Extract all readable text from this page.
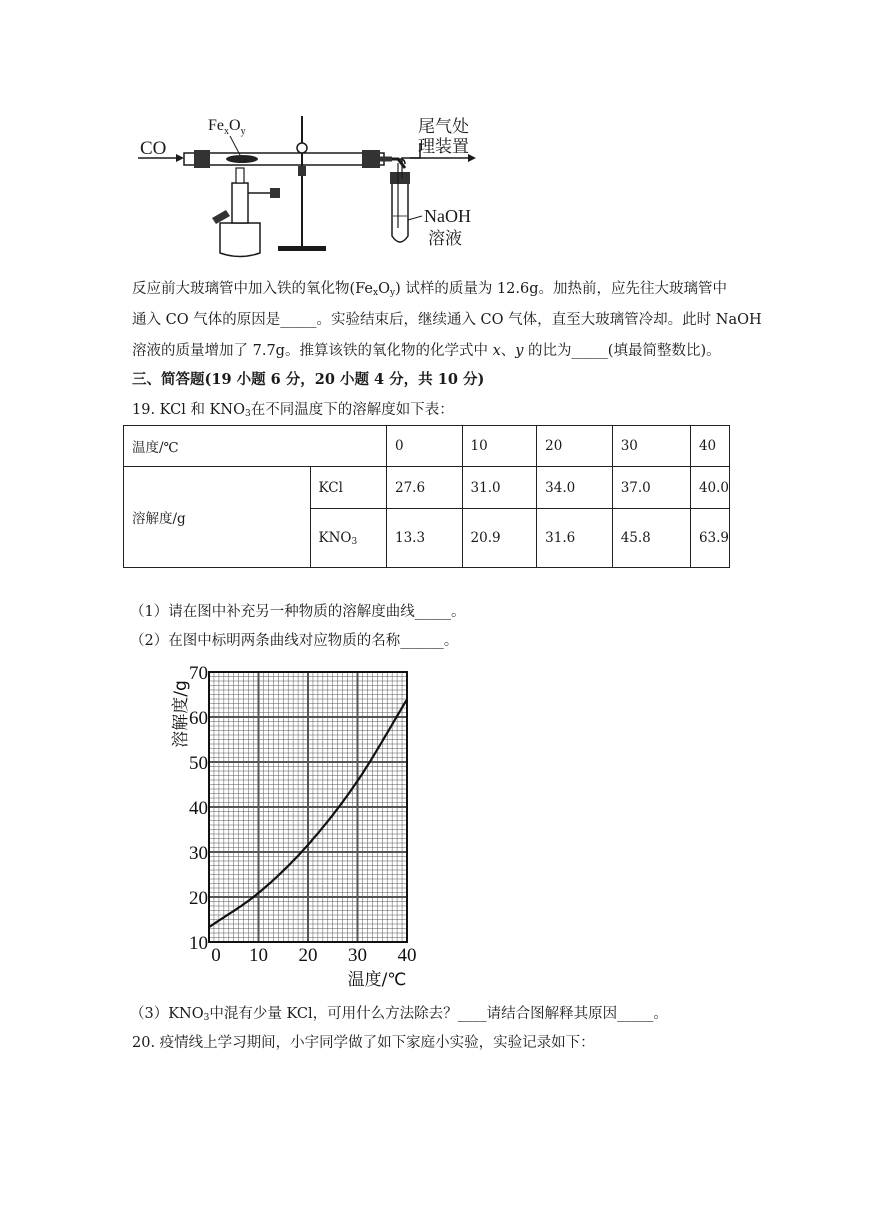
CO
$Fe_xO_y$	尾气处
理装置
NaOH
溶液
反应前大玻璃管中加入铁的氧化物$(Fe_xO_y)$ 试样的质量为 12.6g。加热前，应先往大玻璃管中
通入 CO 气体的原因是_____。实验结束后，继续通入 CO 气体，直至大玻璃管冷却。此时 NaOH
溶液的质量增加了 7.7g。推算该铁的氧化物的化学式中 x、y 的比为_____(填最简整数比)。
三、简答题(19 小题 6 分，20 小题 4 分，共 10 分)
19. KCl 和 $KNO_3$在不同温度下的溶解度如下表：
温度/℃		0	10	20	30	40
溶解度/g	KCl	27.6	31.0	34.0	37.0	40.0
	$KNO_3$	13.3	20.9	31.6	45.8	63.9
（1）请在图中补充另一种物质的溶解度曲线_____。
（2）在图中标明两条曲线对应物质的名称______。
10
20
30
40
50
60
70
0 10 20 30 40
温度/℃
溶解度/g
$(3)KNO_3$中混有少量 KCl，可用什么方法除去？____请结合图解释其原因_____。
20. 疫情线上学习期间，小宇同学做了如下家庭小实验，实验记录如下：
